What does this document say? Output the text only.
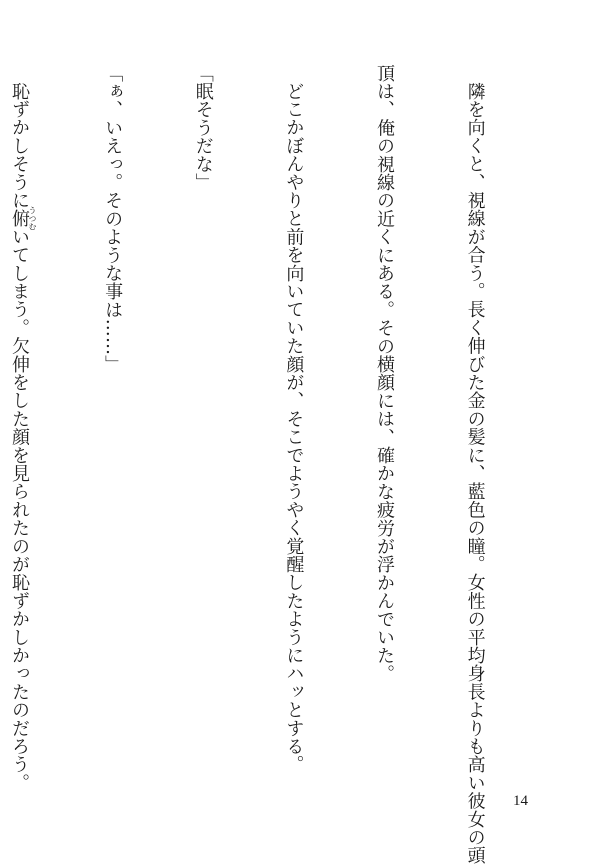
隣を向くと、視線が合う。長く伸びた金の髪に、藍色の瞳。女性の平均身長よりも高い彼女の頭

頂は、俺の視線の近くにある。その横顔には、確かな疲労が浮かんでいた。

どこかぼんやりと前を向いていた顔が、そこでようやく覚醒したようにハッとする。

「眠そうだな」

「ぁ、いえっ。そのような事は……」

恥ずかしそうに俯うつむいてしまう。欠伸をした顔を見られたのが恥ずかしかったのだろう。

14
